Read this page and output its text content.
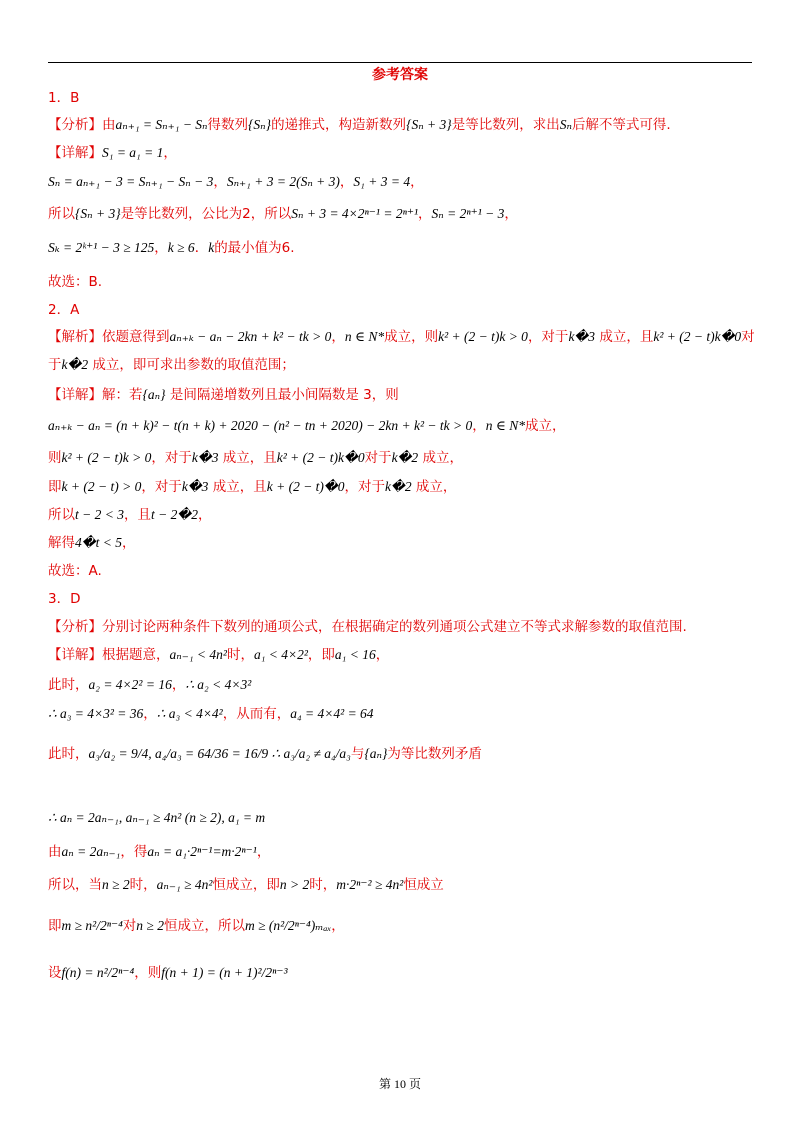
参考答案
1．B
【分析】由aₙ₊₁ = Sₙ₊₁ − Sₙ得数列{Sₙ}的递推式，构造新数列{Sₙ + 3}是等比数列，求出Sₙ后解不等式可得.
【详解】S₁ = a₁ = 1，
Sₙ = aₙ₊₁ − 3 = Sₙ₊₁ − Sₙ − 3，Sₙ₊₁ + 3 = 2(Sₙ + 3)，S₁ + 3 = 4，
所以{Sₙ + 3}是等比数列，公比为2，所以Sₙ + 3 = 4×2ⁿ⁻¹ = 2ⁿ⁺¹，Sₙ = 2ⁿ⁺¹ − 3，
Sₖ = 2ᵏ⁺¹ − 3 ≥ 125，k ≥ 6．k的最小值为6.
故选：B.
2．A
【解析】依题意得到aₙ₊ₖ − aₙ − 2kn + k² − tk > 0，n ∈ N*成立，则k² + (2 − t)k > 0，对于k�3 成立，且k² + (2 − t)k�0对
于k�2 成立，即可求出参数的取值范围；
【详解】解：若{aₙ} 是间隔递增数列且最小间隔数是 3，则
aₙ₊ₖ − aₙ = (n + k)² − t(n + k) + 2020 − (n² − tn + 2020) − 2kn + k² − tk > 0，n ∈ N*成立，
则k² + (2 − t)k > 0，对于k�3 成立，且k² + (2 − t)k�0对于k�2 成立，
即k + (2 − t) > 0，对于k�3 成立，且k + (2 − t)�0，对于k�2 成立，
所以t − 2 < 3，且t − 2�2，
解得4�t < 5，
故选：A.
3．D
【分析】分别讨论两种条件下数列的通项公式，在根据确定的数列通项公式建立不等式求解参数的取值范围.
【详解】根据题意，aₙ₋₁ < 4n²时，a₁ < 4×2²，即a₁ < 16，
此时，a₂ = 4×2² = 16，∴ a₂ < 4×3²
∴ a₃ = 4×3² = 36，∴ a₃ < 4×4²，从而有，a₄ = 4×4² = 64
此时，a₃/a₂ = 9/4, a₄/a₃ = 64/36 = 16/9 ∴ a₃/a₂ ≠ a₄/a₃与{aₙ}为等比数列矛盾
∴ aₙ = 2aₙ₋₁, aₙ₋₁ ≥ 4n² (n ≥ 2), a₁ = m
由aₙ = 2aₙ₋₁，得aₙ = a₁·2ⁿ⁻¹=m·2ⁿ⁻¹，
所以，当n ≥ 2时，aₙ₋₁ ≥ 4n²恒成立，即n > 2时，m·2ⁿ⁻² ≥ 4n²恒成立
即m ≥ n²/2ⁿ⁻⁴对n ≥ 2恒成立，所以m ≥ (n²/2ⁿ⁻⁴)ₘₐₓ，
设f(n) = n²/2ⁿ⁻⁴，则f(n + 1) = (n + 1)²/2ⁿ⁻³
第 10 页
